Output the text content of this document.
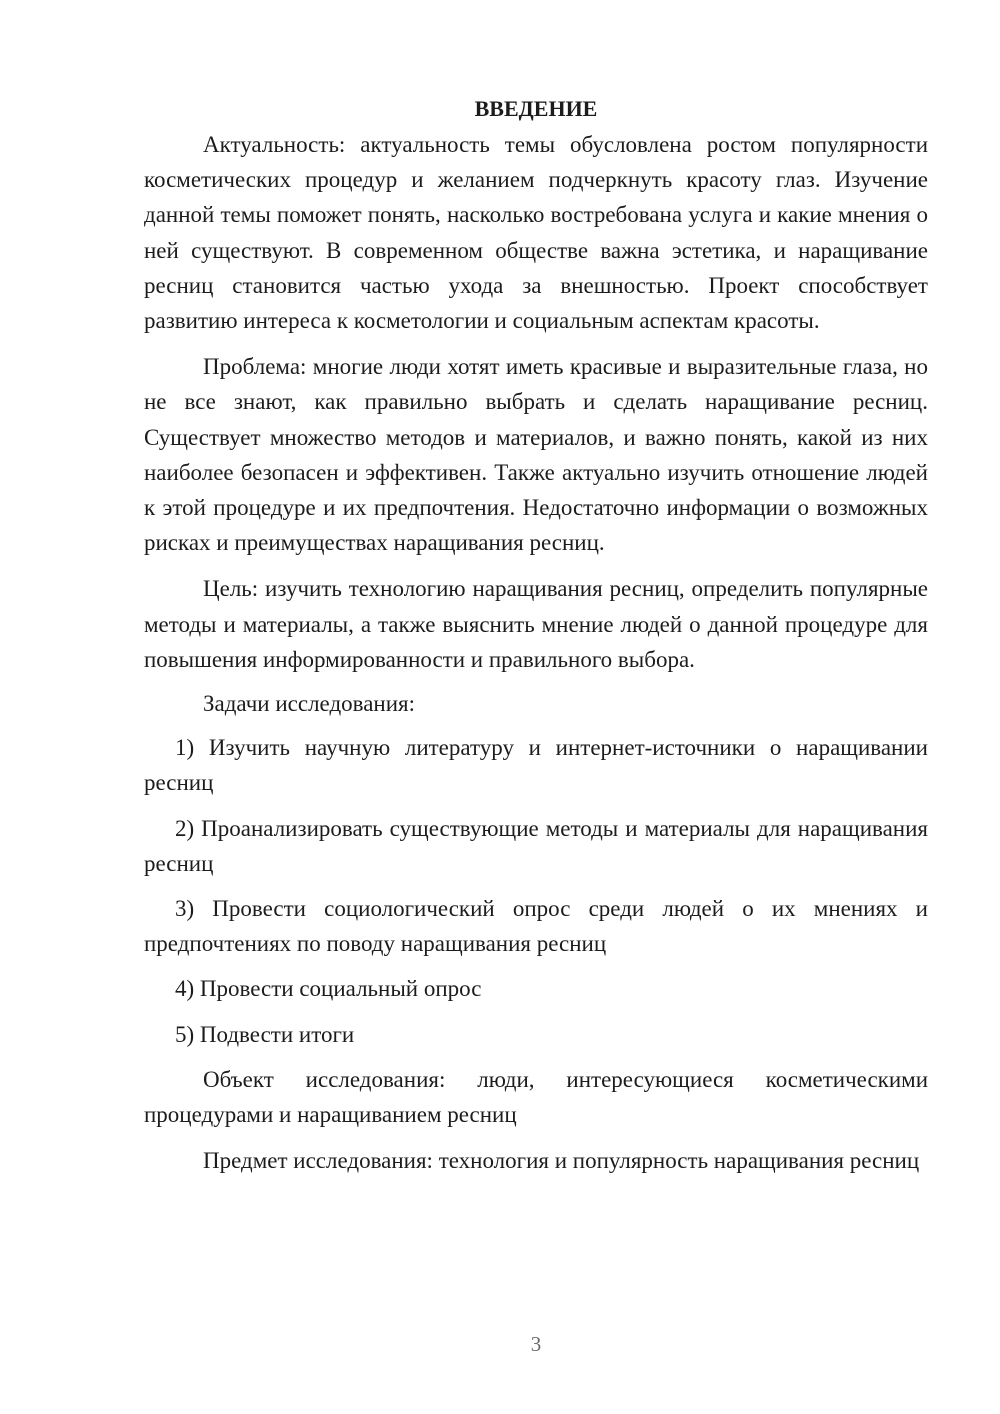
ВВЕДЕНИЕ

Актуальность: актуальность темы обусловлена ростом популярности косметических процедур и желанием подчеркнуть красоту глаз. Изучение данной темы поможет понять, насколько востребована услуга и какие мнения о ней существуют. В современном обществе важна эстетика, и наращивание ресниц становится частью ухода за внешностью. Проект способствует развитию интереса к косметологии и социальным аспектам красоты.

Проблема: многие люди хотят иметь красивые и выразительные глаза, но не все знают, как правильно выбрать и сделать наращивание ресниц. Существует множество методов и материалов, и важно понять, какой из них наиболее безопасен и эффективен. Также актуально изучить отношение людей к этой процедуре и их предпочтения. Недостаточно информации о возможных рисках и преимуществах наращивания ресниц.

Цель: изучить технологию наращивания ресниц, определить популярные методы и материалы, а также выяснить мнение людей о данной процедуре для повышения информированности и правильного выбора.

Задачи исследования:

1) Изучить научную литературу и интернет-источники о наращивании ресниц
2) Проанализировать существующие методы и материалы для наращивания ресниц
3) Провести социологический опрос среди людей о их мнениях и предпочтениях по поводу наращивания ресниц
4) Провести социальный опрос
5) Подвести итоги

Объект исследования: люди, интересующиеся косметическими процедурами и наращиванием ресниц

Предмет исследования: технология и популярность наращивания ресниц

3
